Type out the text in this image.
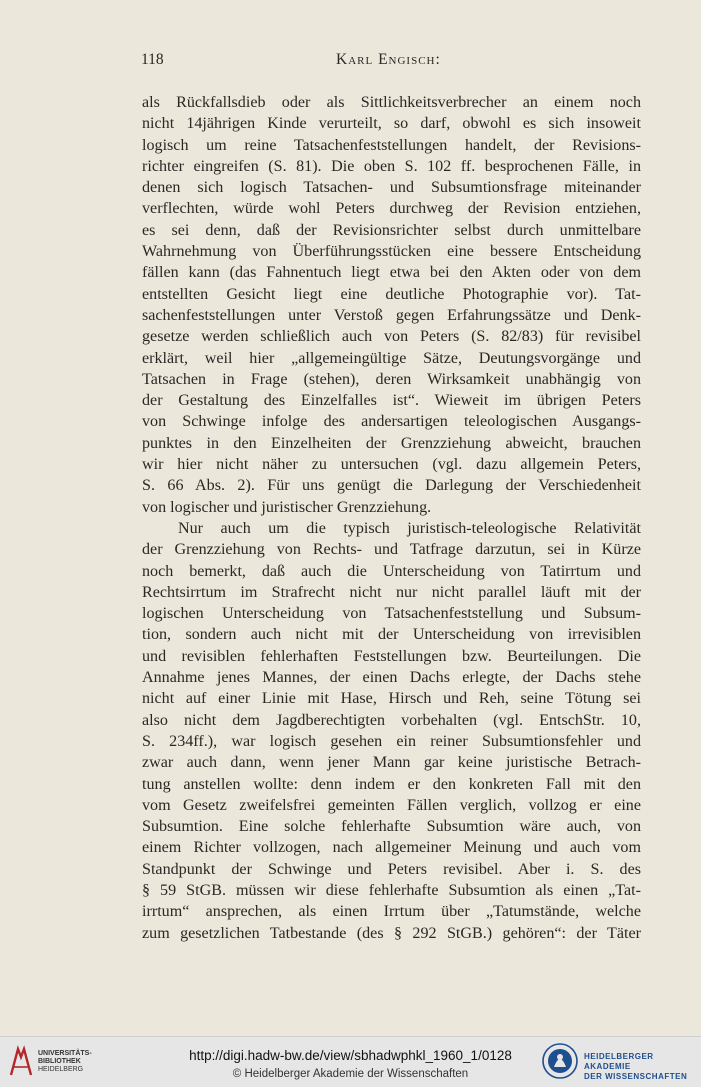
118	Karl Engisch:
als Rückfallsdieb oder als Sittlichkeitsverbrecher an einem noch
nicht 14jährigen Kinde verurteilt, so darf, obwohl es sich insoweit
logisch um reine Tatsachenfeststellungen handelt, der Revisions-
richter eingreifen (S. 81). Die oben S. 102 ff. besprochenen Fälle, in
denen sich logisch Tatsachen- und Subsumtionsfrage miteinander
verflechten, würde wohl Peters durchweg der Revision entziehen,
es sei denn, daß der Revisionsrichter selbst durch unmittelbare
Wahrnehmung von Überführungsstücken eine bessere Entscheidung
fällen kann (das Fahnentuch liegt etwa bei den Akten oder von dem
entstellten Gesicht liegt eine deutliche Photographie vor). Tat-
sachenfeststellungen unter Verstoß gegen Erfahrungssätze und Denk-
gesetze werden schließlich auch von Peters (S. 82/83) für revisibel
erklärt, weil hier „allgemeingültige Sätze, Deutungsvorgänge und
Tatsachen in Frage (stehen), deren Wirksamkeit unabhängig von
der Gestaltung des Einzelfalles ist“. Wieweit im übrigen Peters
von Schwinge infolge des andersartigen teleologischen Ausgangs-
punktes in den Einzelheiten der Grenzziehung abweicht, brauchen
wir hier nicht näher zu untersuchen (vgl. dazu allgemein Peters,
S. 66 Abs. 2). Für uns genügt die Darlegung der Verschiedenheit
von logischer und juristischer Grenzziehung.
Nur auch um die typisch juristisch-teleologische Relativität
der Grenzziehung von Rechts- und Tatfrage darzutun, sei in Kürze
noch bemerkt, daß auch die Unterscheidung von Tatirrtum und
Rechtsirrtum im Strafrecht nicht nur nicht parallel läuft mit der
logischen Unterscheidung von Tatsachenfeststellung und Subsum-
tion, sondern auch nicht mit der Unterscheidung von irrevisiblen
und revisiblen fehlerhaften Feststellungen bzw. Beurteilungen. Die
Annahme jenes Mannes, der einen Dachs erlegte, der Dachs stehe
nicht auf einer Linie mit Hase, Hirsch und Reh, seine Tötung sei
also nicht dem Jagdberechtigten vorbehalten (vgl. EntschStr. 10,
S. 234ff.), war logisch gesehen ein reiner Subsumtionsfehler und
zwar auch dann, wenn jener Mann gar keine juristische Betrach-
tung anstellen wollte: denn indem er den konkreten Fall mit den
vom Gesetz zweifelsfrei gemeinten Fällen verglich, vollzog er eine
Subsumtion. Eine solche fehlerhafte Subsumtion wäre auch, von
einem Richter vollzogen, nach allgemeiner Meinung und auch vom
Standpunkt der Schwinge und Peters revisibel. Aber i. S. des
§ 59 StGB. müssen wir diese fehlerhafte Subsumtion als einen „Tat-
irrtum“ ansprechen, als einen Irrtum über „Tatumstände, welche
zum gesetzlichen Tatbestande (des § 292 StGB.) gehören“: der Täter
UNIVERSITÄTS-
BIBLIOTHEK
HEIDELBERG
http://digi.hadw-bw.de/view/sbhadwphkl_1960_1/0128
© Heidelberger Akademie der Wissenschaften
HEIDELBERGER AKADEMIE
DER WISSENSCHAFTEN
